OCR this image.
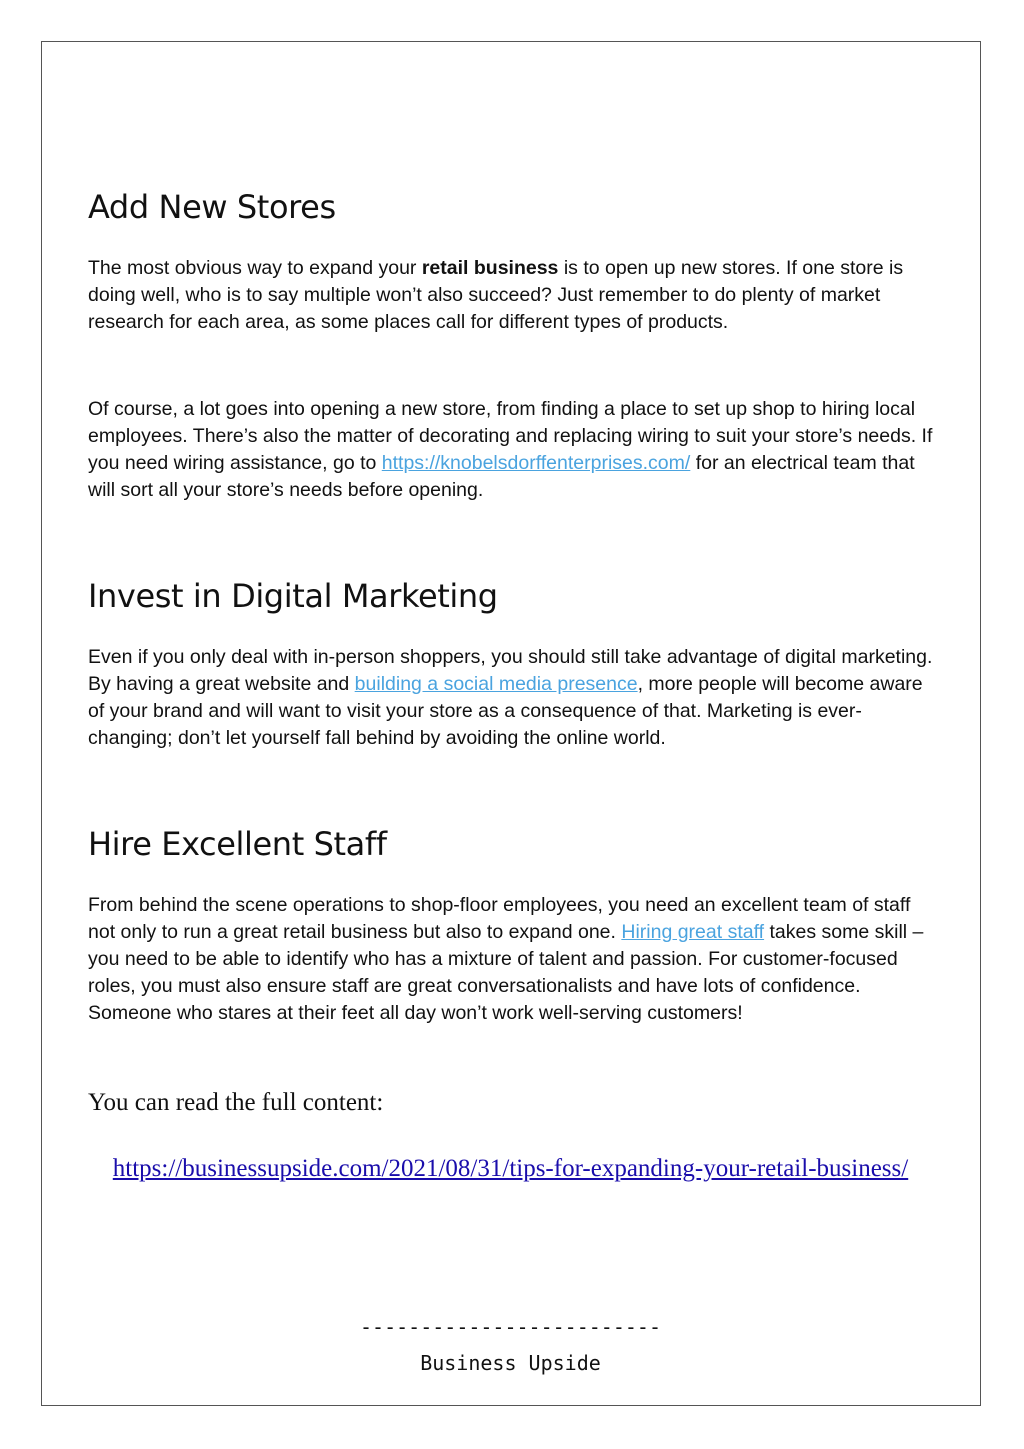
Add New Stores

The most obvious way to expand your retail business is to open up new stores. If one store is doing well, who is to say multiple won’t also succeed? Just remember to do plenty of market research for each area, as some places call for different types of products.

Of course, a lot goes into opening a new store, from finding a place to set up shop to hiring local employees. There’s also the matter of decorating and replacing wiring to suit your store’s needs. If you need wiring assistance, go to https://knobelsdorffenterprises.com/ for an electrical team that will sort all your store’s needs before opening.

Invest in Digital Marketing

Even if you only deal with in-person shoppers, you should still take advantage of digital marketing. By having a great website and building a social media presence, more people will become aware of your brand and will want to visit your store as a consequence of that. Marketing is ever-changing; don’t let yourself fall behind by avoiding the online world.

Hire Excellent Staff

From behind the scene operations to shop-floor employees, you need an excellent team of staff not only to run a great retail business but also to expand one. Hiring great staff takes some skill – you need to be able to identify who has a mixture of talent and passion. For customer-focused roles, you must also ensure staff are great conversationalists and have lots of confidence. Someone who stares at their feet all day won’t work well-serving customers!

You can read the full content:

https://businessupside.com/2021/08/31/tips-for-expanding-your-retail-business/

-------------------------

Business Upside
